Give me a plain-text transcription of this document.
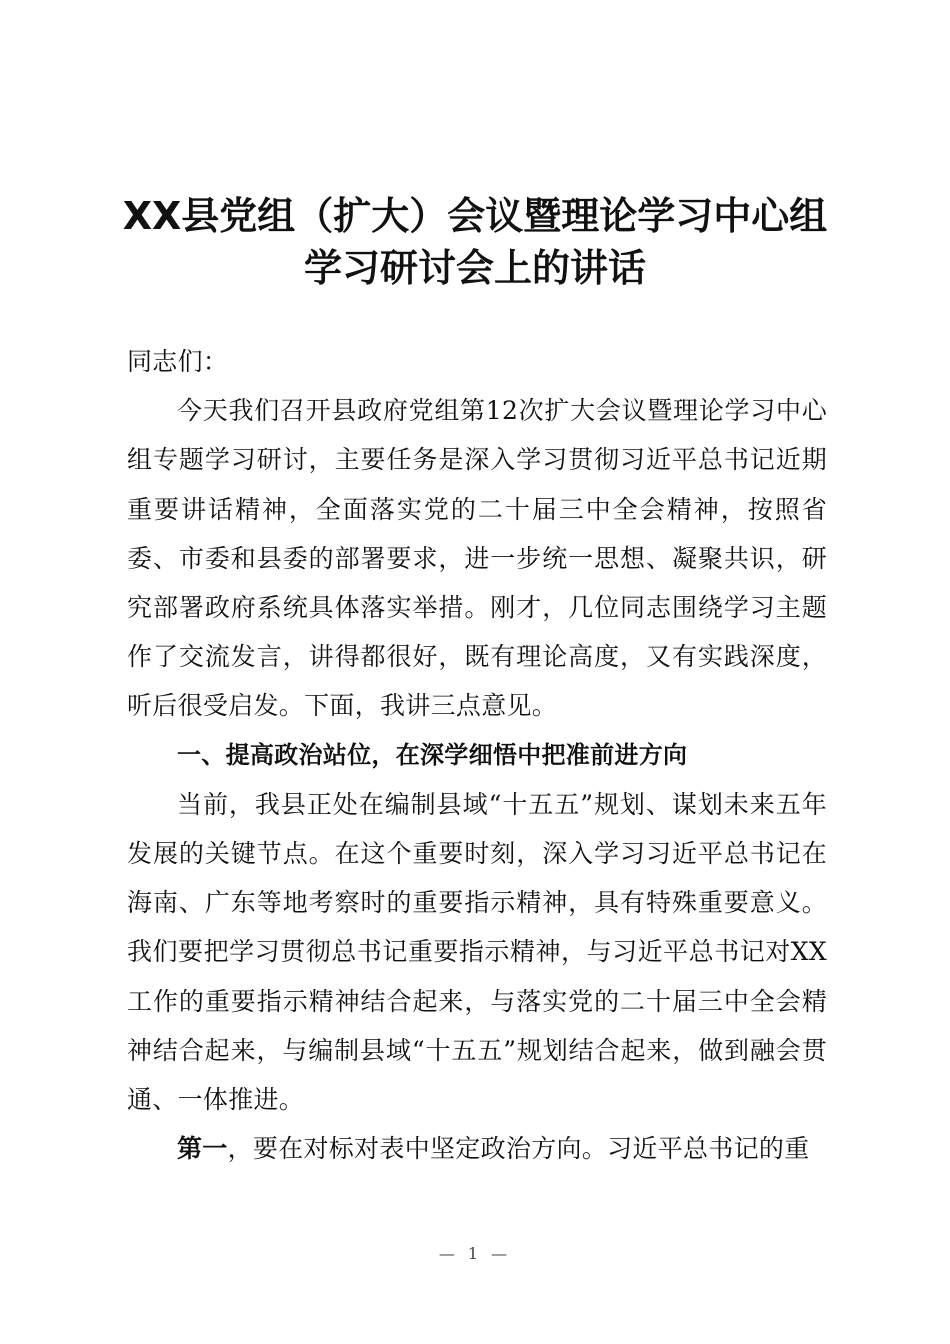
XX县党组（扩大）会议暨理论学习中心组
学习研讨会上的讲话

同志们：

今天我们召开县政府党组第12次扩大会议暨理论学习中心组专题学习研讨，主要任务是深入学习贯彻习近平总书记近期重要讲话精神，全面落实党的二十届三中全会精神，按照省委、市委和县委的部署要求，进一步统一思想、凝聚共识，研究部署政府系统具体落实举措。刚才，几位同志围绕学习主题作了交流发言，讲得都很好，既有理论高度，又有实践深度，听后很受启发。下面，我讲三点意见。

一、提高政治站位，在深学细悟中把准前进方向

当前，我县正处在编制县域“十五五”规划、谋划未来五年发展的关键节点。在这个重要时刻，深入学习习近平总书记在海南、广东等地考察时的重要指示精神，具有特殊重要意义。我们要把学习贯彻总书记重要指示精神，与习近平总书记对XX工作的重要指示精神结合起来，与落实党的二十届三中全会精神结合起来，与编制县域“十五五”规划结合起来，做到融会贯通、一体推进。

第一，要在对标对表中坚定政治方向。习近平总书记的重

— 1 —
